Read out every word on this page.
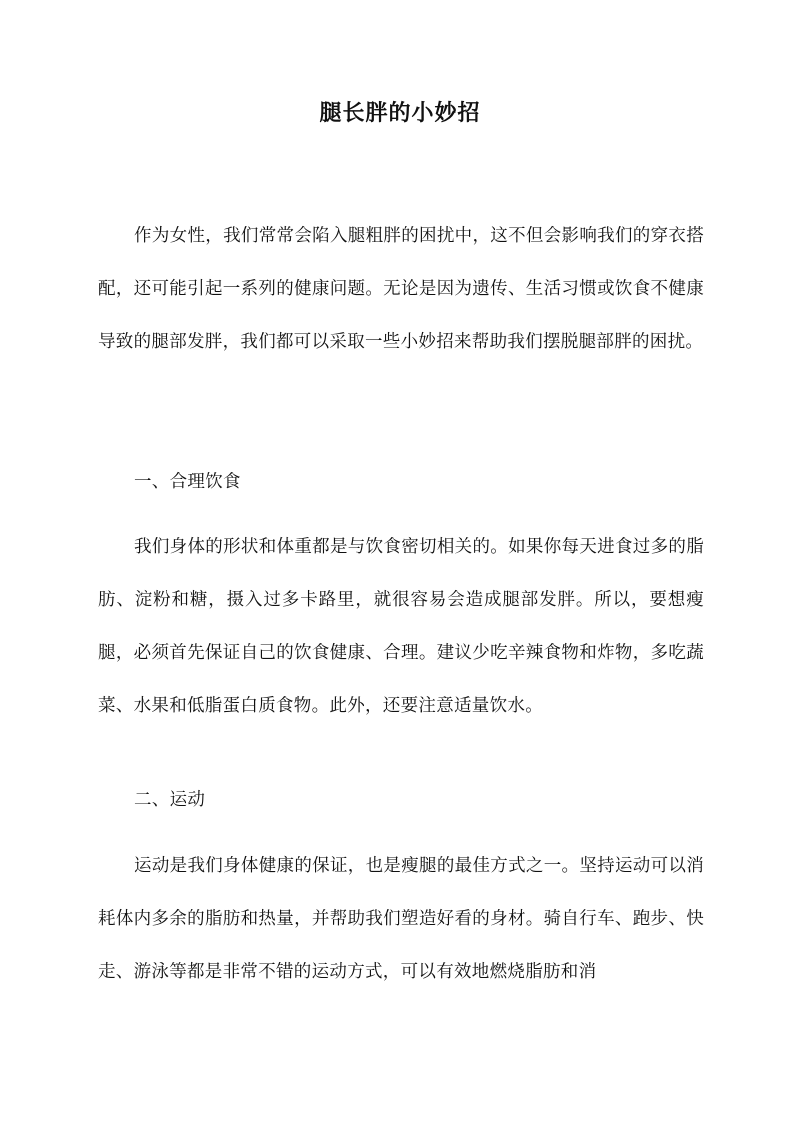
腿长胖的小妙招
作为女性，我们常常会陷入腿粗胖的困扰中，这不但会影响我们的穿衣搭配，还可能引起一系列的健康问题。无论是因为遗传、生活习惯或饮食不健康导致的腿部发胖，我们都可以采取一些小妙招来帮助我们摆脱腿部胖的困扰。
一、合理饮食
我们身体的形状和体重都是与饮食密切相关的。如果你每天进食过多的脂肪、淀粉和糖，摄入过多卡路里，就很容易会造成腿部发胖。所以，要想瘦腿，必须首先保证自己的饮食健康、合理。建议少吃辛辣食物和炸物，多吃蔬菜、水果和低脂蛋白质食物。此外，还要注意适量饮水。
二、运动
运动是我们身体健康的保证，也是瘦腿的最佳方式之一。坚持运动可以消耗体内多余的脂肪和热量，并帮助我们塑造好看的身材。骑自行车、跑步、快走、游泳等都是非常不错的运动方式，可以有效地燃烧脂肪和消
